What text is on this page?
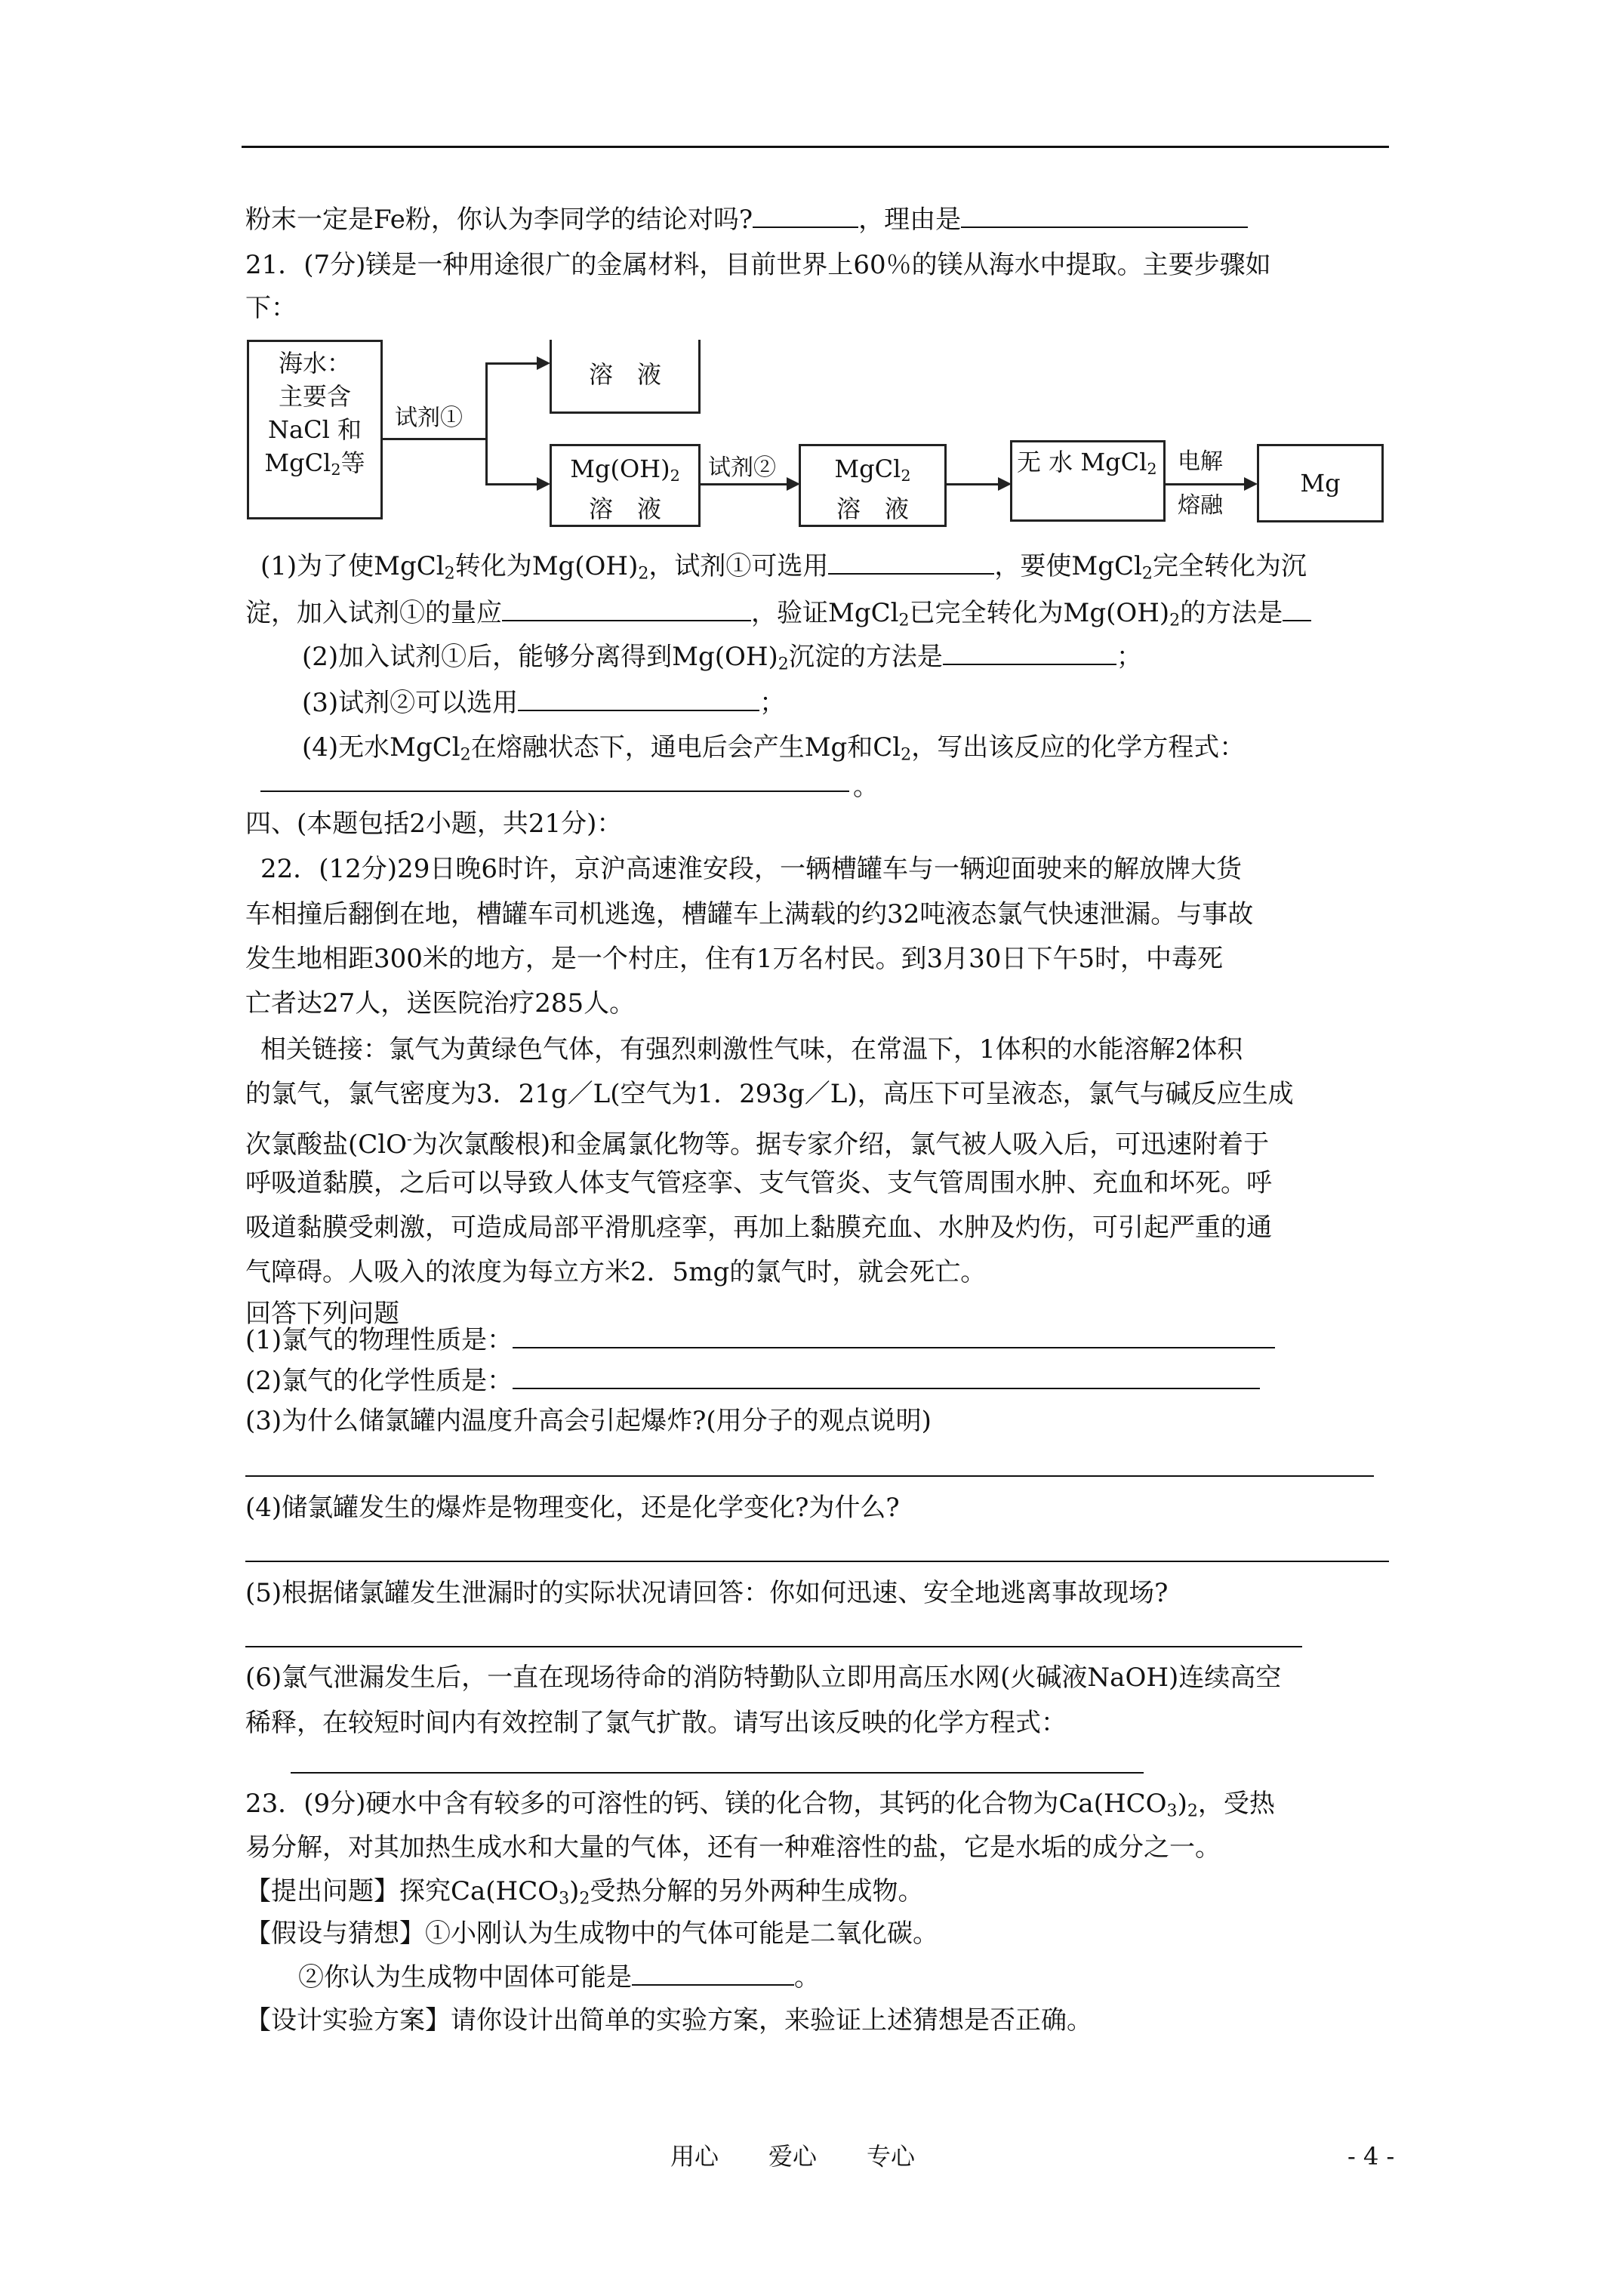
粉末一定是Fe粉，你认为李同学的结论对吗?	，理由是
21．(7分)镁是一种用途很广的金属材料，目前世界上60％的镁从海水中提取。主要步骤如
下：
海水：
主要含
NaCl 和
MgCl$_2$等
试剂①
溶　液
$Mg(OH)_2$
溶　液
试剂②	MgCl$_2$
溶　液
无 水 MgCl$_2$ 电解
熔融
Mg
(1)为了使MgCl$_2$转化为$Mg(OH)_2$，试剂①可选用	，要使MgCl$_2$完全转化为沉
淀，加入试剂①的量应	，验证MgCl$_2$已完全转化为$Mg(OH)_2$的方法是
(2)加入试剂①后，能够分离得到$Mg(OH)_2$沉淀的方法是	；
(3)试剂②可以选用	；
(4)无水MgCl$_2$在熔融状态下，通电后会产生Mg和$Cl_2$，写出该反应的化学方程式：
。
四、(本题包括2小题，共21分)：
22．(12分)29日晚6时许，京沪高速淮安段，一辆槽罐车与一辆迎面驶来的解放牌大货
车相撞后翻倒在地，槽罐车司机逃逸，槽罐车上满载的约32吨液态氯气快速泄漏。与事故
发生地相距300米的地方，是一个村庄，住有1万名村民。到3月30日下午5时，中毒死
亡者达27人，送医院治疗285人。
相关链接：氯气为黄绿色气体，有强烈刺激性气味，在常温下，1体积的水能溶解2体积
的氯气，氯气密度为3．21g／L(空气为1．293g／L)，高压下可呈液态，氯气与碱反应生成
次氯酸盐(ClO-为次氯酸根)和金属氯化物等。据专家介绍，氯气被人吸入后，可迅速附着于
呼吸道黏膜，之后可以导致人体支气管痉挛、支气管炎、支气管周围水肿、充血和坏死。呼
吸道黏膜受刺激，可造成局部平滑肌痉挛，再加上黏膜充血、水肿及灼伤，可引起严重的通
气障碍。人吸入的浓度为每立方米2．5mg的氯气时，就会死亡。
回答下列问题
(1)氯气的物理性质是：
(2)氯气的化学性质是：
(3)为什么储氯罐内温度升高会引起爆炸?(用分子的观点说明)
(4)储氯罐发生的爆炸是物理变化，还是化学变化?为什么?
(5)根据储氯罐发生泄漏时的实际状况请回答：你如何迅速、安全地逃离事故现场?
(6)氯气泄漏发生后，一直在现场待命的消防特勤队立即用高压水网(火碱液NaOH)连续高空
稀释，在较短时间内有效控制了氯气扩散。请写出该反映的化学方程式：
23．(9分)硬水中含有较多的可溶性的钙、镁的化合物，其钙的化合物为$Ca(HCO_3)_2$，受热
易分解，对其加热生成水和大量的气体，还有一种难溶性的盐，它是水垢的成分之一。
【提出问题】探究$Ca(HCO_3)_2$受热分解的另外两种生成物。
【假设与猜想】①小刚认为生成物中的气体可能是二氧化碳。
②你认为生成物中固体可能是	。
【设计实验方案】请你设计出简单的实验方案，来验证上述猜想是否正确。
用心 爱心 专心	- 4 -
